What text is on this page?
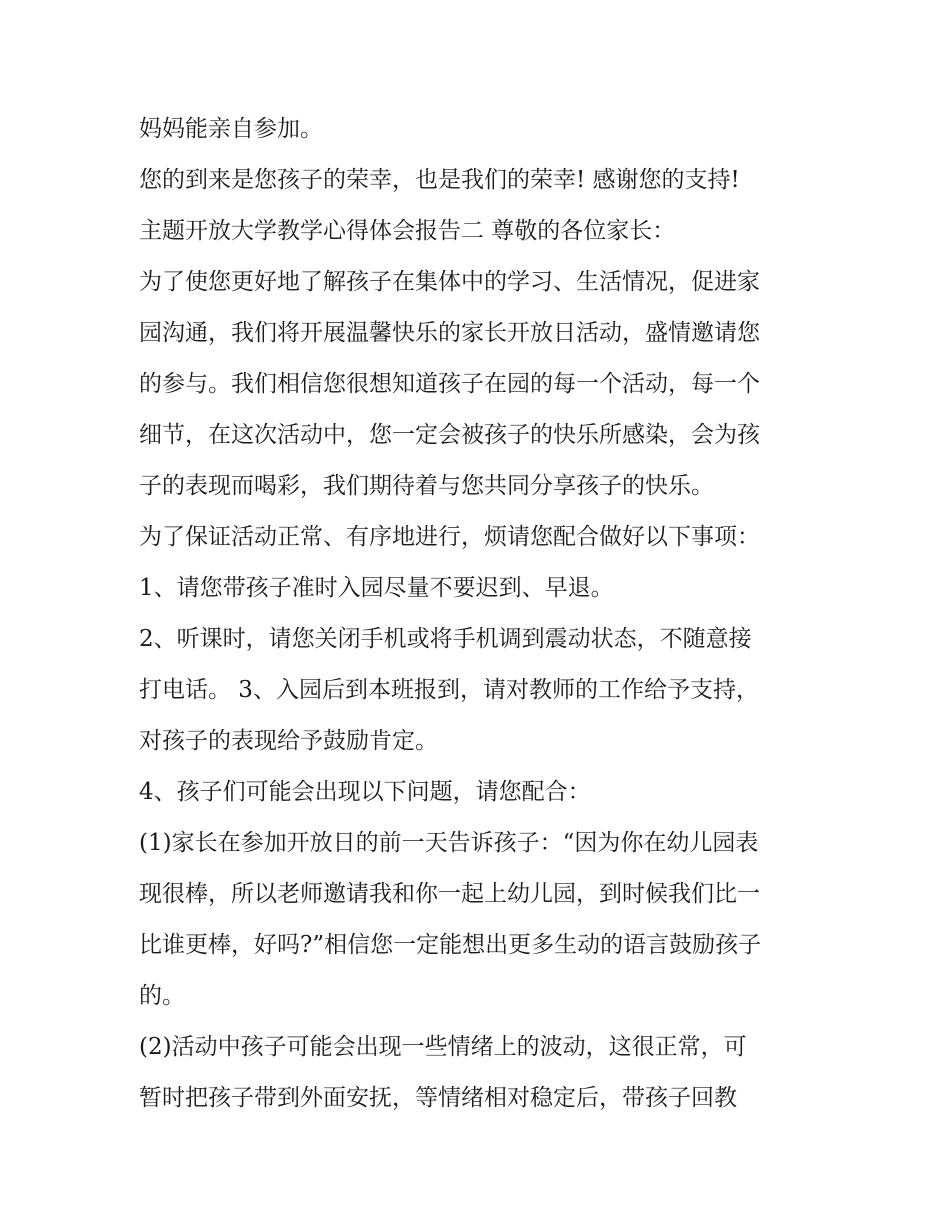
妈妈能亲自参加。
您的到来是您孩子的荣幸，也是我们的荣幸! 感谢您的支持!
主题开放大学教学心得体会报告二 尊敬的各位家长：
为了使您更好地了解孩子在集体中的学习、生活情况，促进家
园沟通，我们将开展温馨快乐的家长开放日活动，盛情邀请您
的参与。我们相信您很想知道孩子在园的每一个活动，每一个
细节，在这次活动中，您一定会被孩子的快乐所感染，会为孩
子的表现而喝彩，我们期待着与您共同分享孩子的快乐。
为了保证活动正常、有序地进行，烦请您配合做好以下事项：
1、请您带孩子准时入园尽量不要迟到、早退。
2、听课时，请您关闭手机或将手机调到震动状态，不随意接
打电话。 3、入园后到本班报到，请对教师的工作给予支持，
对孩子的表现给予鼓励肯定。
4、孩子们可能会出现以下问题，请您配合：
(1)家长在参加开放日的前一天告诉孩子：“因为你在幼儿园表
现很棒，所以老师邀请我和你一起上幼儿园，到时候我们比一
比谁更棒，好吗?”相信您一定能想出更多生动的语言鼓励孩子
的。
(2)活动中孩子可能会出现一些情绪上的波动，这很正常，可
暂时把孩子带到外面安抚，等情绪相对稳定后，带孩子回教
